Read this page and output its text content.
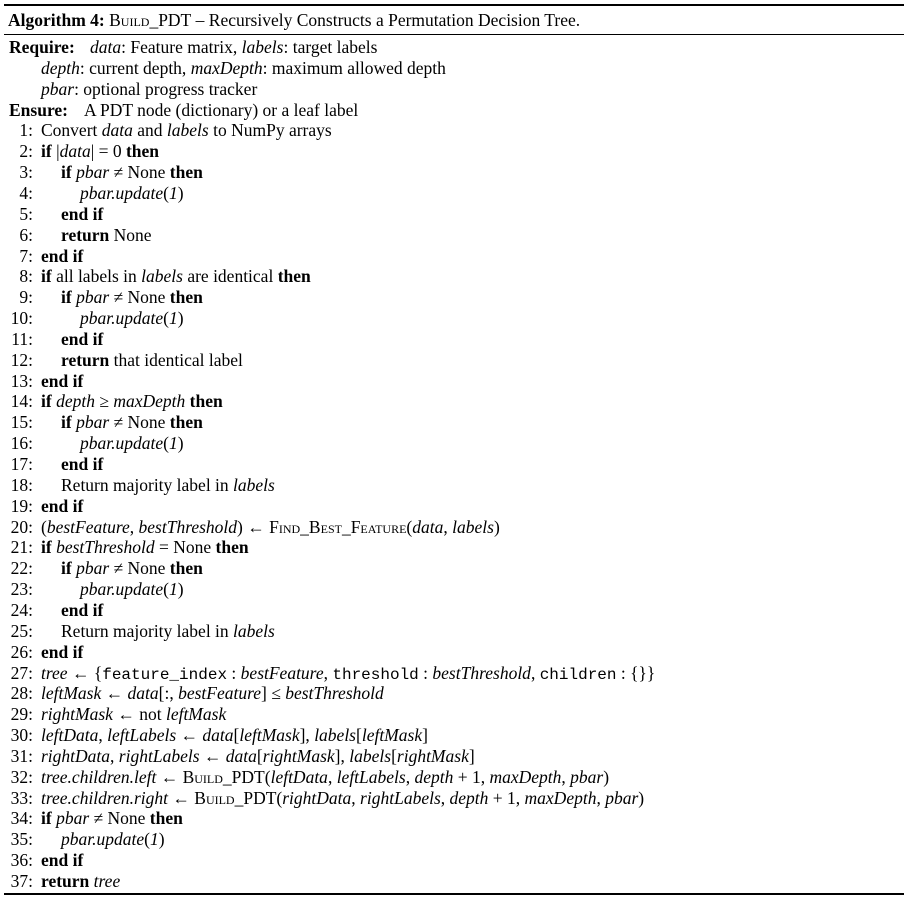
Algorithm 4: Build_PDT – Recursively Constructs a Permutation Decision Tree.
Require: data: Feature matrix, labels: target labels
depth: current depth, maxDepth: maximum allowed depth
pbar: optional progress tracker
Ensure: A PDT node (dictionary) or a leaf label
1: Convert data and labels to NumPy arrays
2: if |data| = 0 then
3: if pbar ≠ None then
4:	pbar.update(1)
5: end if
6: return None
7: end if
8: if all labels in labels are identical then
9: if pbar ≠ None then
10:	pbar.update(1)
11: end if
12: return that identical label
13: end if
14: if depth ≥ maxDepth then
15: if pbar ≠ None then
16:	pbar.update(1)
17: end if
18: Return majority label in labels
19: end if
20: (bestFeature, bestThreshold) ← Find_Best_Feature(data, labels)
21: if bestThreshold = None then
22: if pbar ≠ None then
23:	pbar.update(1)
24: end if
25: Return majority label in labels
26: end if
27: tree ← {feature_index : bestFeature, threshold : bestThreshold, children : {}}
28: leftMask ← data[:, bestFeature] ≤ bestThreshold
29: rightMask ← not leftMask
30: leftData, leftLabels ← data[leftMask], labels[leftMask]
31: rightData, rightLabels ← data[rightMask], labels[rightMask]
32: tree.children.left ← Build_PDT(leftData, leftLabels, depth + 1, maxDepth, pbar)
33: tree.children.right ← Build_PDT(rightData, rightLabels, depth + 1, maxDepth, pbar)
34: if pbar ≠ None then
35: pbar.update(1)
36: end if
37: return tree
